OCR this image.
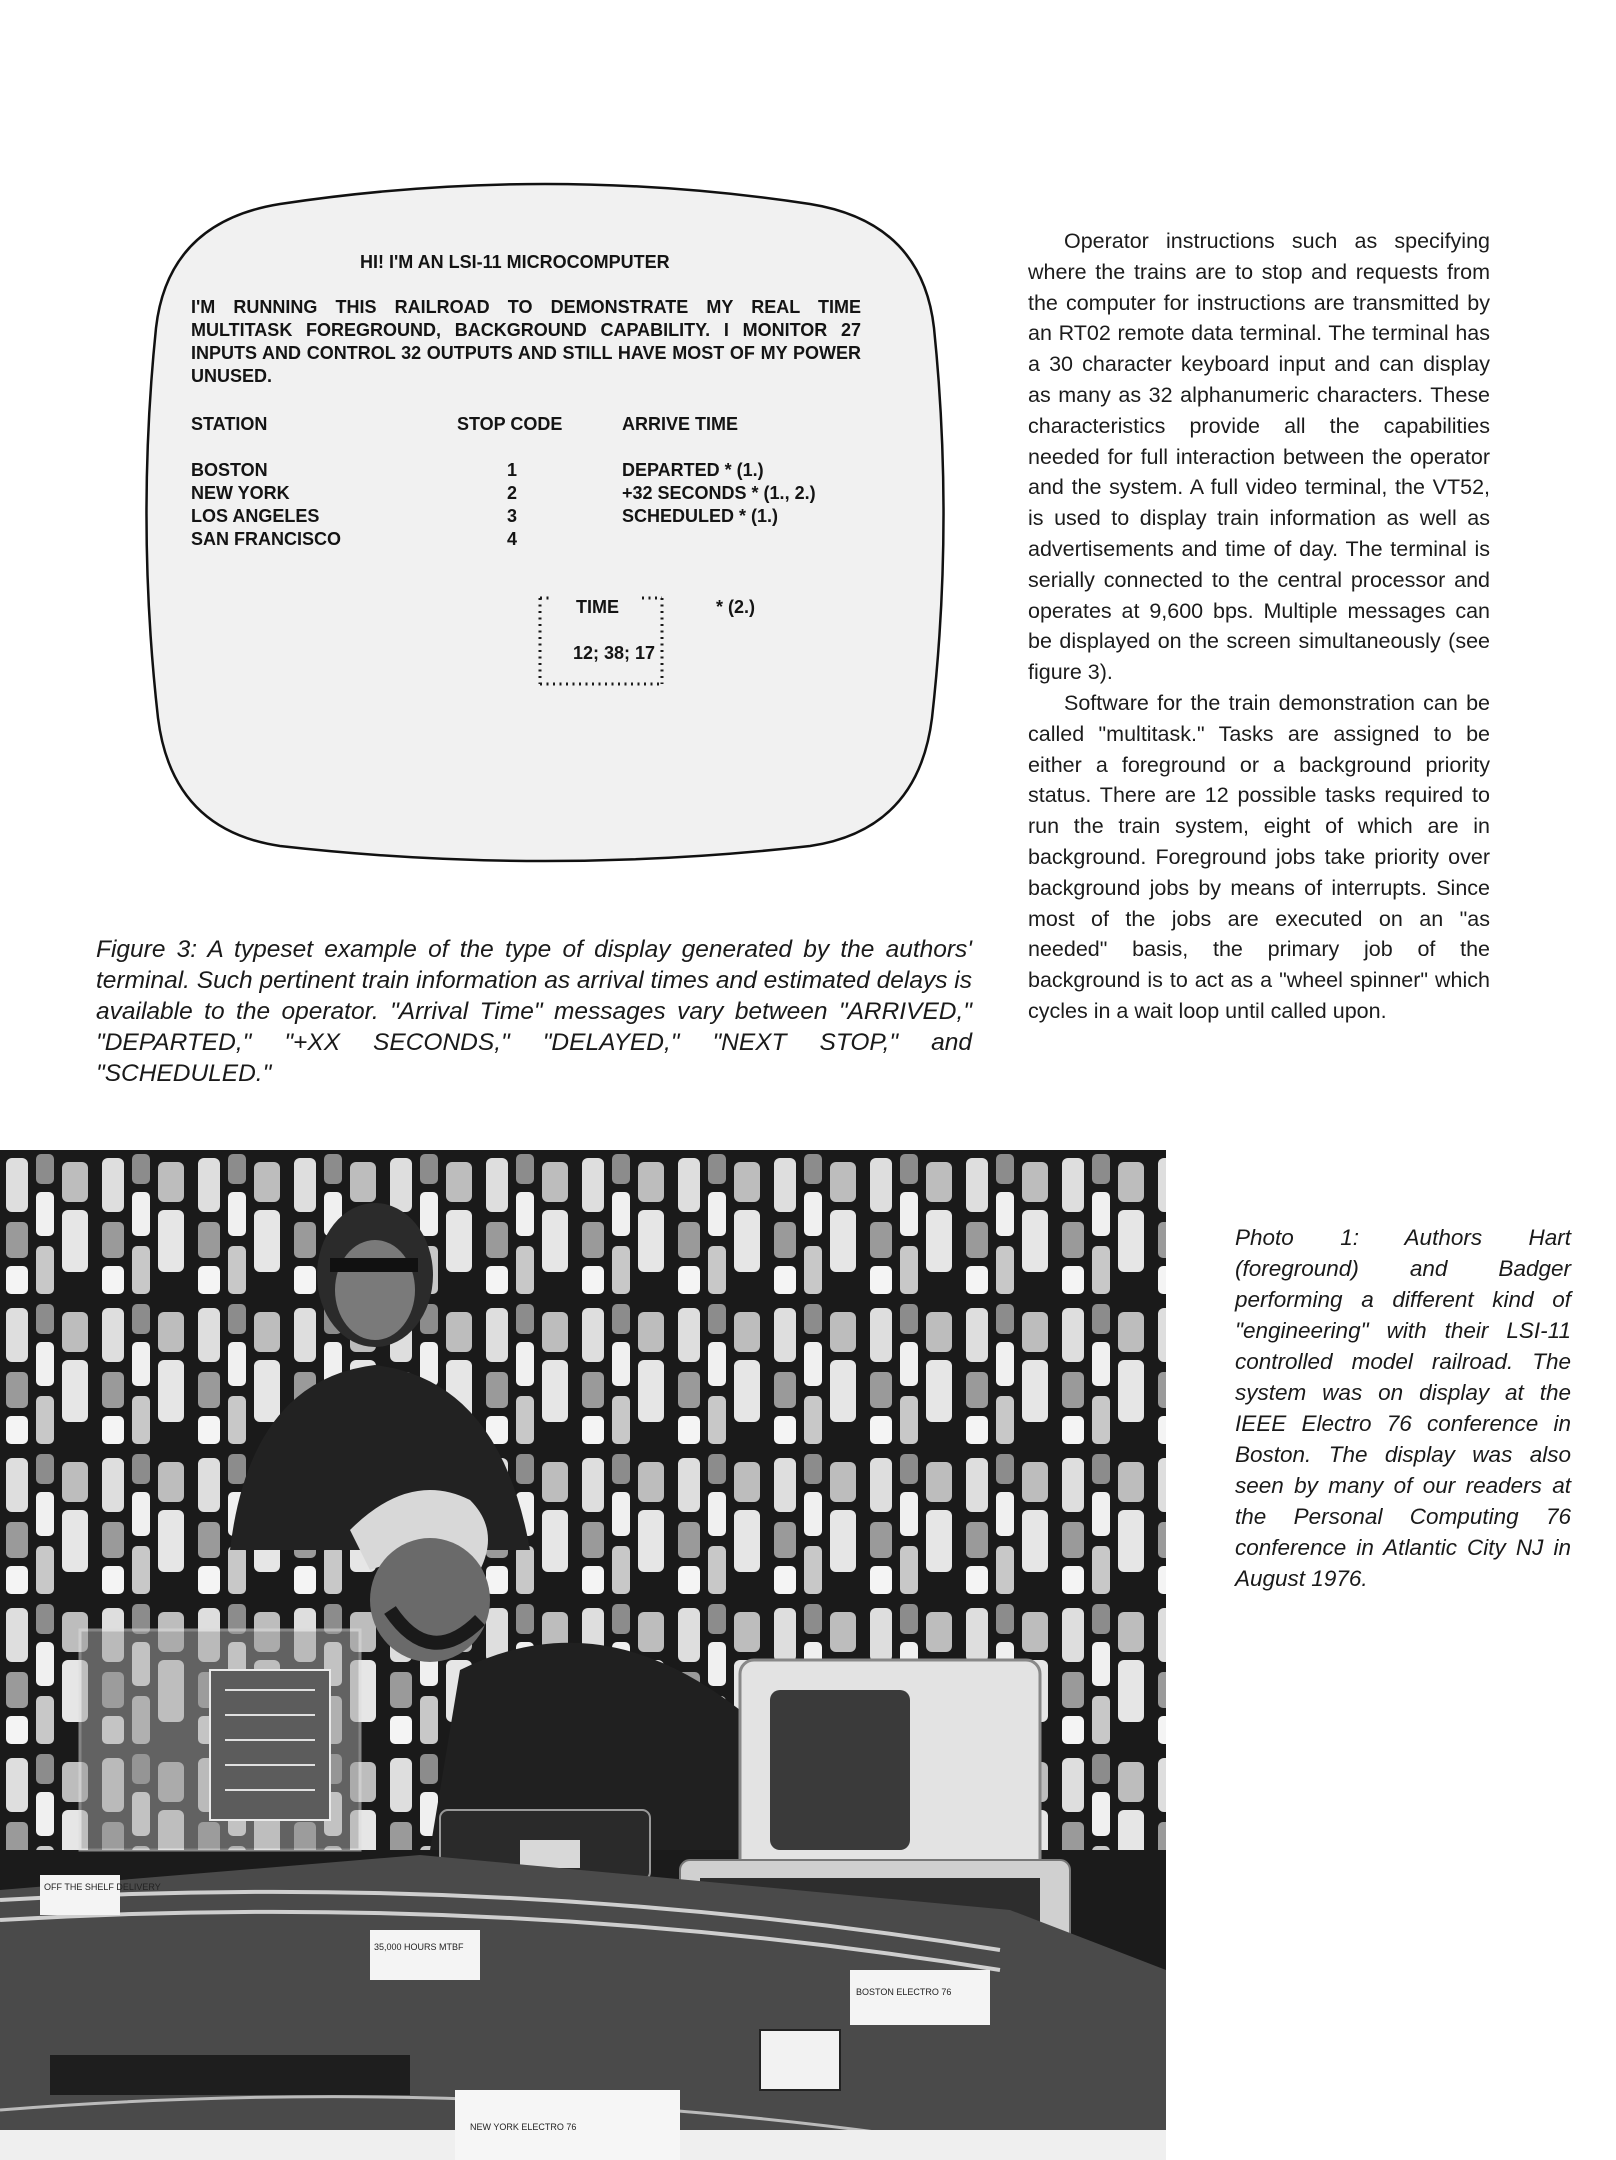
HI! I'M AN LSI-11 MICROCOMPUTER
I'M RUNNING THIS RAILROAD TO DEMONSTRATE MY REAL TIME MULTITASK FOREGROUND, BACKGROUND CAPABILITY. I MONITOR 27 INPUTS AND CONTROL 32 OUTPUTS AND STILL HAVE MOST OF MY POWER UNUSED.
STATION	STOP CODE	ARRIVE TIME
BOSTON	1	DEPARTED * (1.)
NEW YORK	2	+32 SECONDS * (1., 2.)
LOS ANGELES	3	SCHEDULED * (1.)
SAN FRANCISCO	4
TIME	* (2.)
12; 38; 17
Figure 3: A typeset example of the type of display generated by the authors' terminal. Such pertinent train information as arrival times and estimated delays is available to the operator. "Arrival Time" messages vary between "ARRIVED," "DEPARTED," "+XX SECONDS," "DELAYED," "NEXT STOP," and "SCHEDULED."

Operator instructions such as specifying where the trains are to stop and requests from the computer for instructions are transmitted by an RT02 remote data terminal. The terminal has a 30 character keyboard input and can display as many as 32 alphanumeric characters. These characteristics provide all the capabilities needed for full interaction between the operator and the system. A full video terminal, the VT52, is used to display train information as well as advertisements and time of day. The terminal is serially connected to the central processor and operates at 9,600 bps. Multiple messages can be displayed on the screen simultaneously (see figure 3).

Software for the train demonstration can be called "multitask." Tasks are assigned to be either a foreground or a background priority status. There are 12 possible tasks required to run the train system, eight of which are in background. Foreground jobs take priority over background jobs by means of interrupts. Since most of the jobs are executed on an "as needed" basis, the primary job of the background is to act as a "wheel spinner" which cycles in a wait loop until called upon.

OFF THE SHELF DELIVERY
35,000 HOURS MTBF
BOSTON ELECTRO 76
NEW YORK ELECTRO 76
Photo 1: Authors Hart (foreground) and Badger performing a different kind of "engineering" with their LSI-11 controlled model railroad. The system was on display at the IEEE Electro 76 conference in Boston. The display was also seen by many of our readers at the Personal Computing 76 conference in Atlantic City NJ in August 1976.
